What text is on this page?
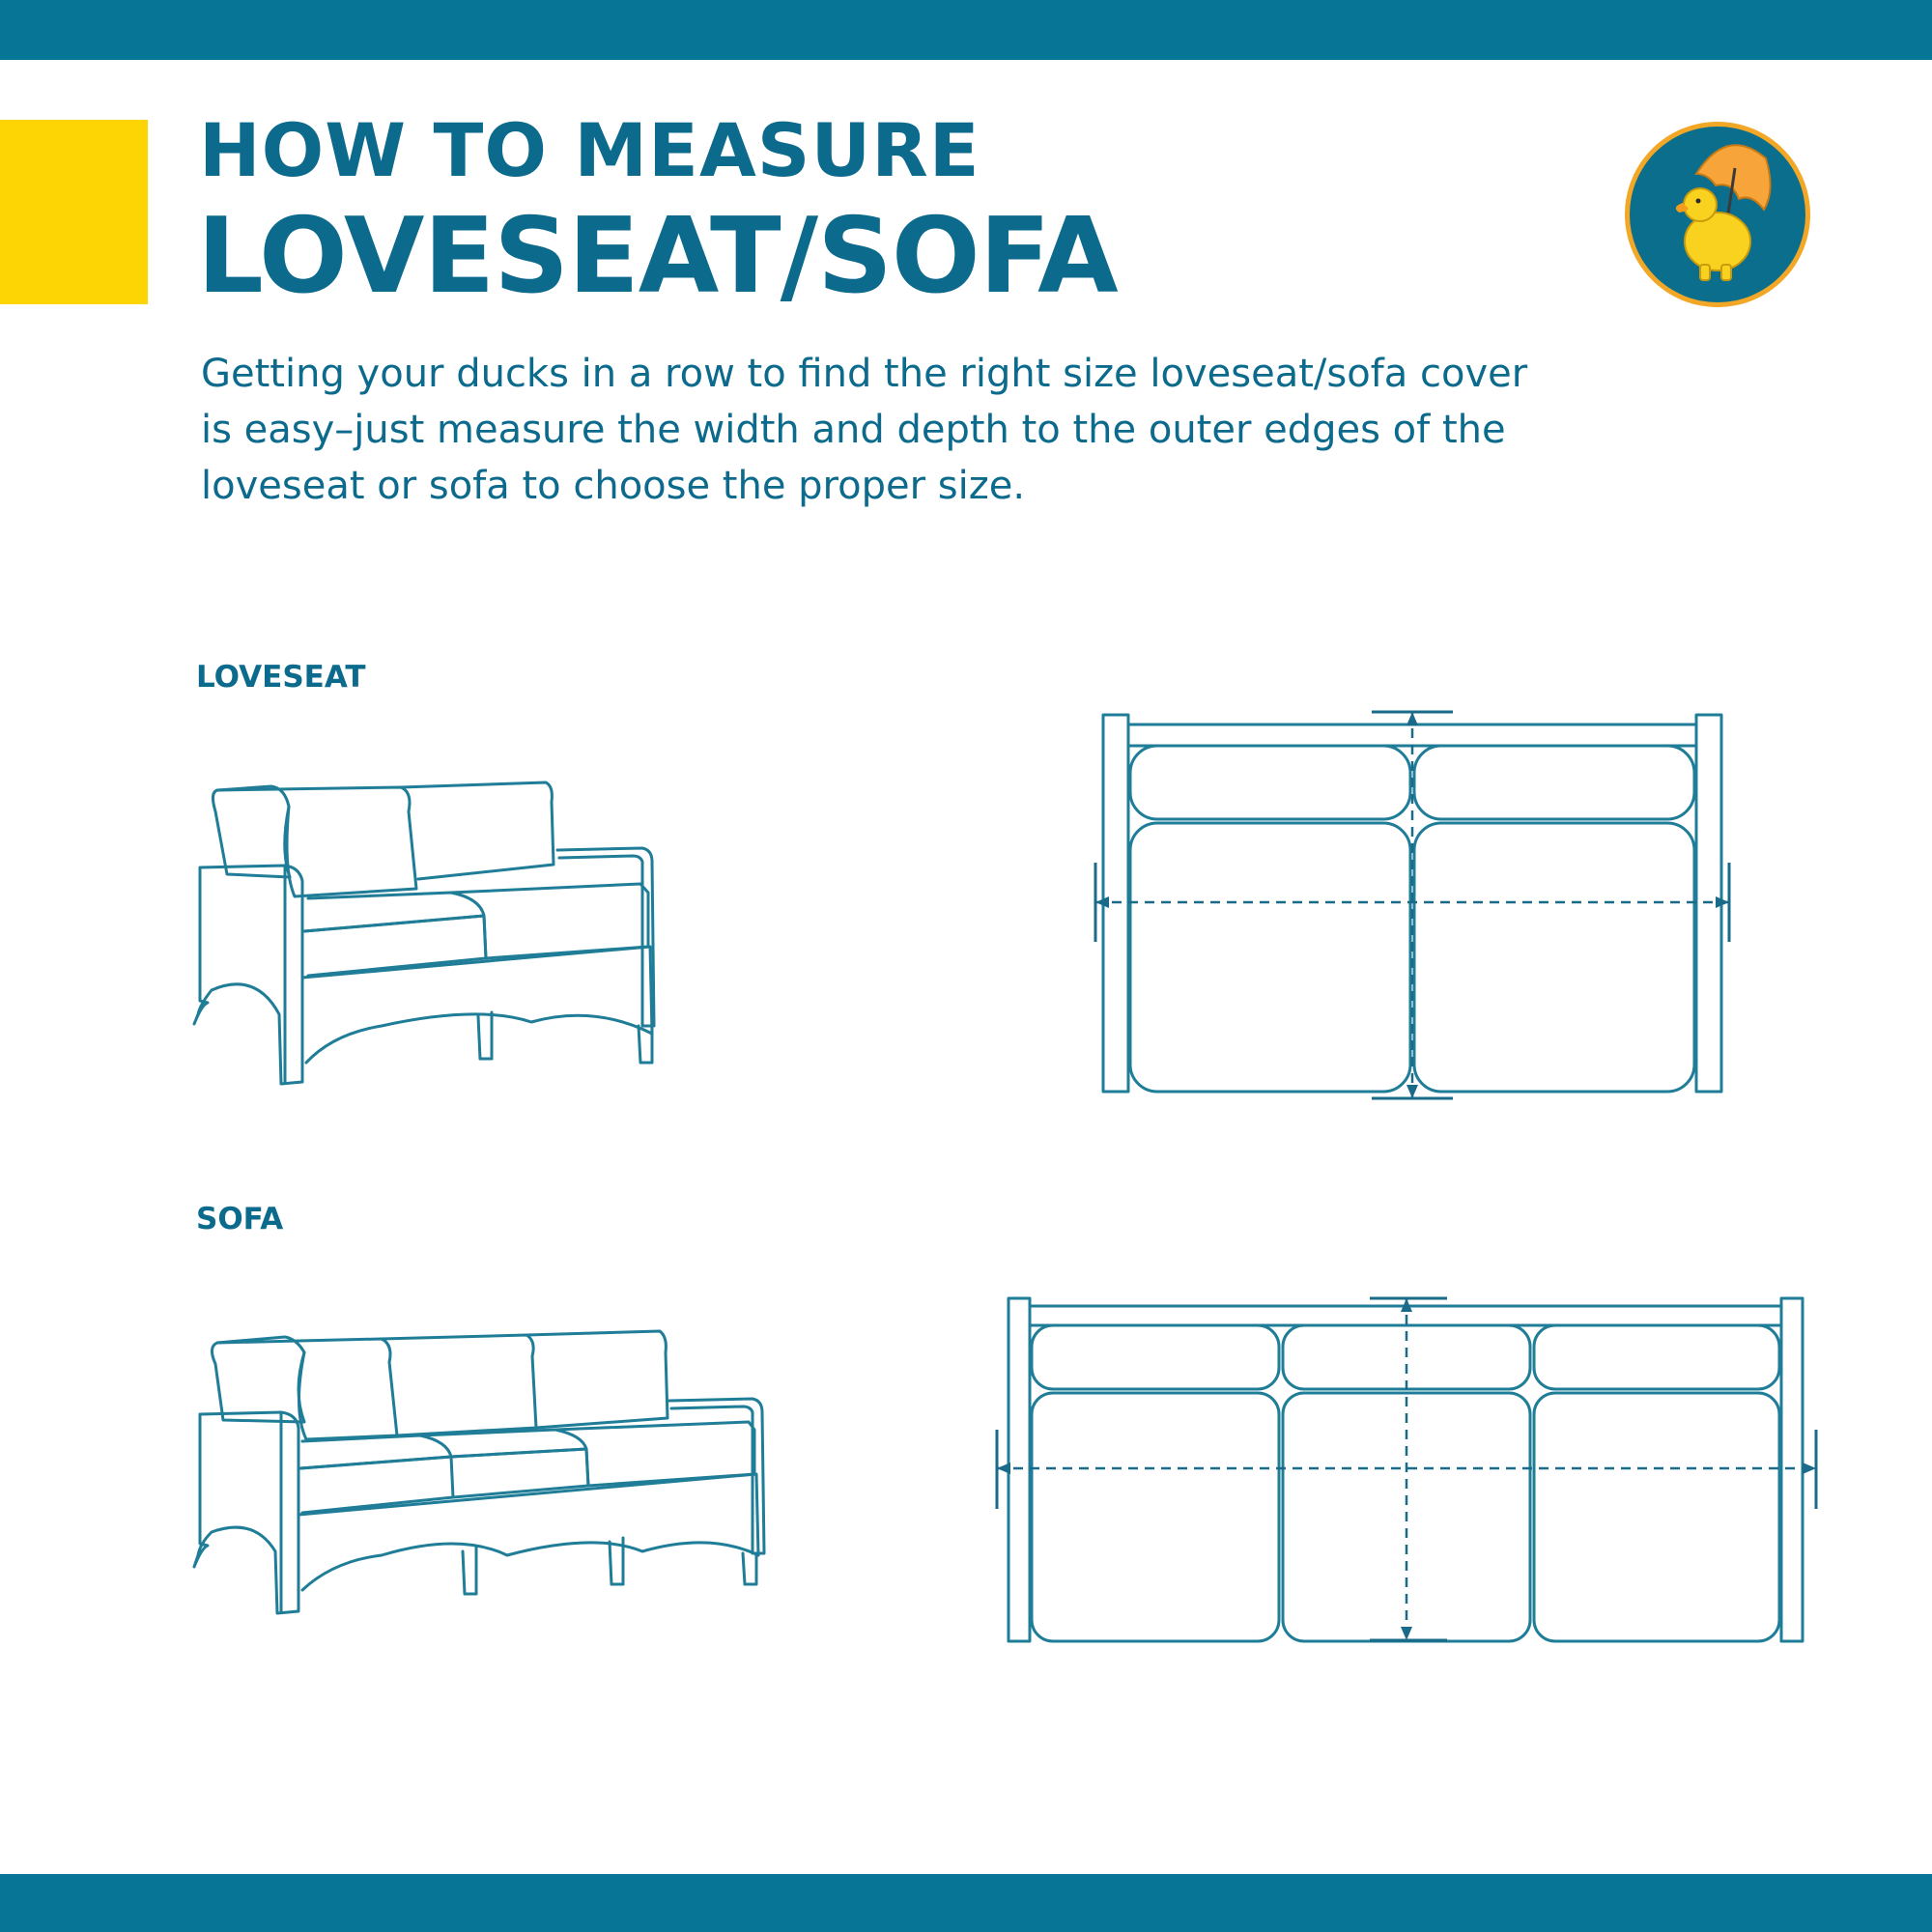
HOW TO MEASURE
LOVESEAT/SOFA
Getting your ducks in a row to find the right size loveseat/sofa cover
is easy–just measure the width and depth to the outer edges of the
loveseat or sofa to choose the proper size.
LOVESEAT
SOFA
